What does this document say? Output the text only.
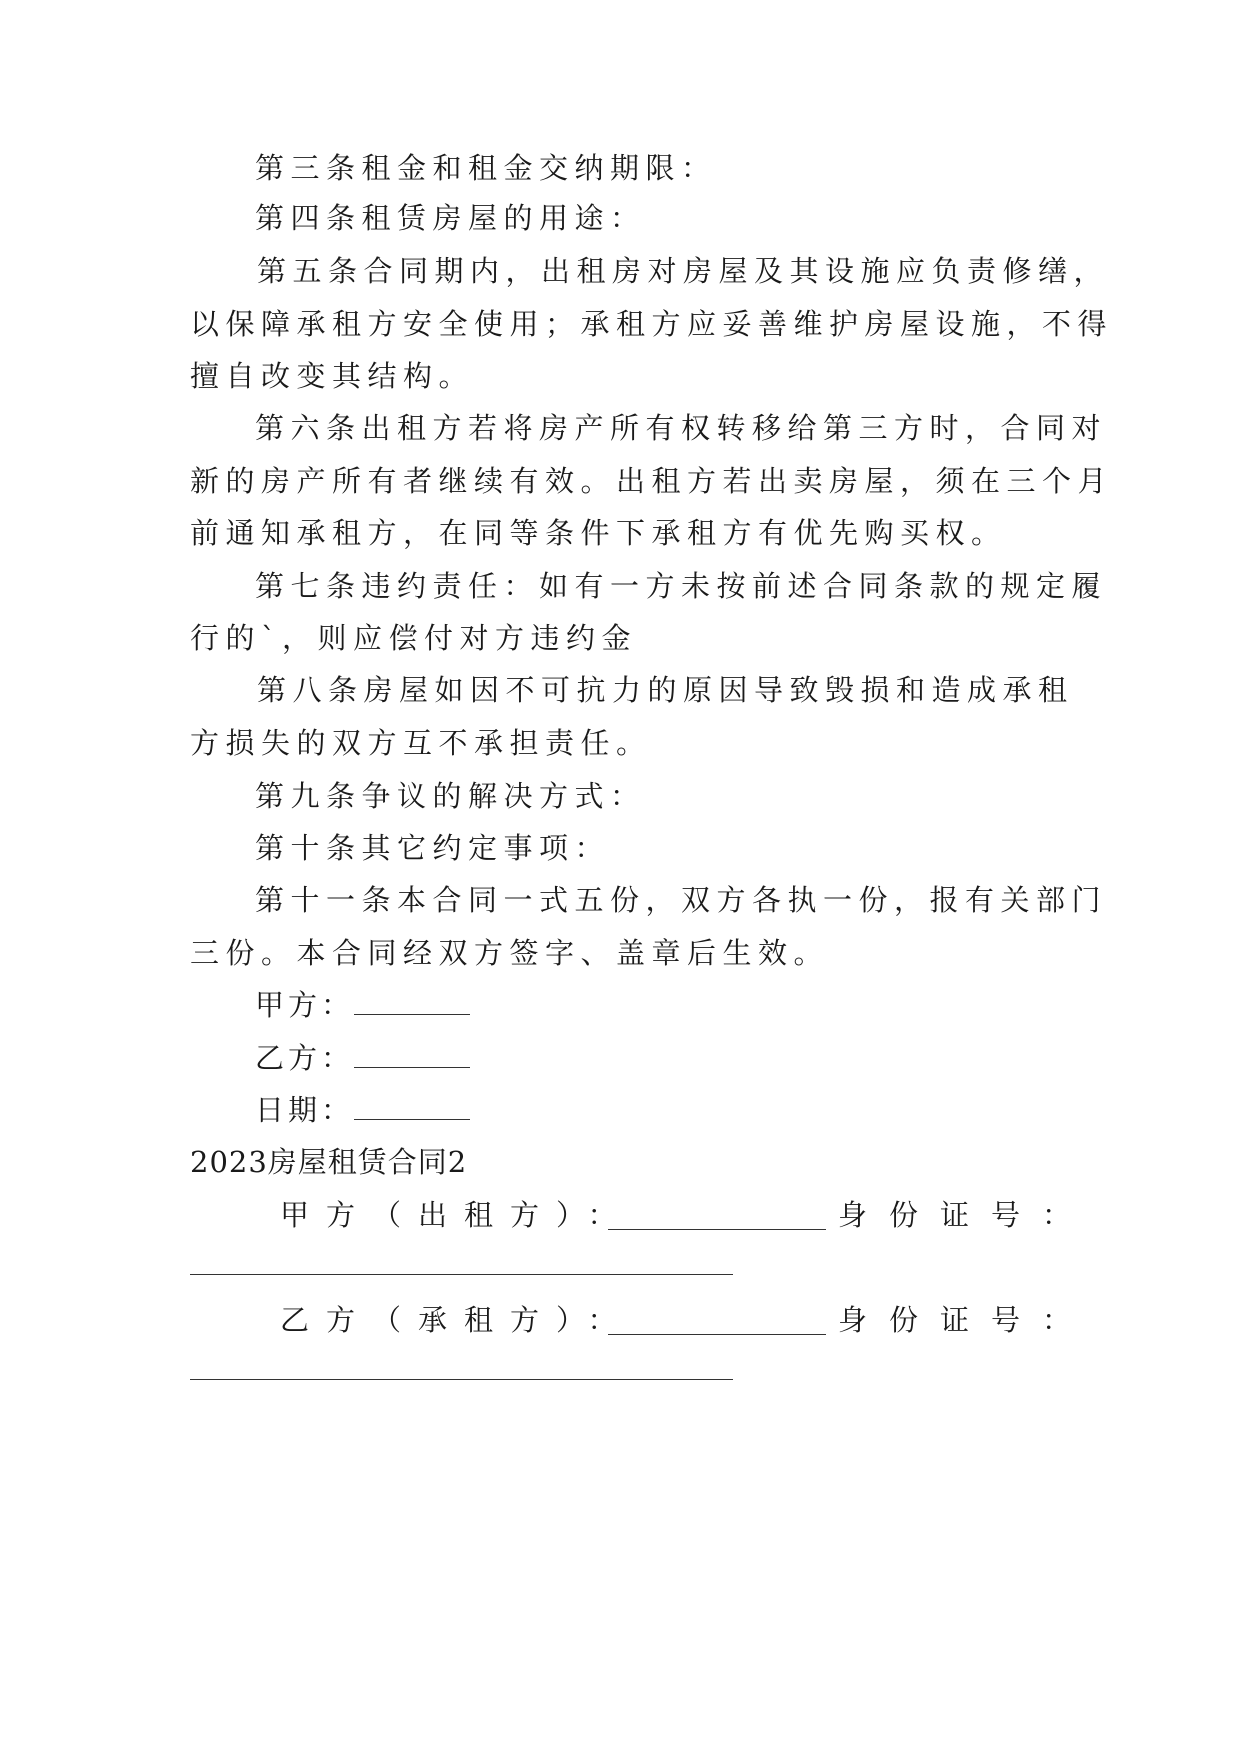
第三条租金和租金交纳期限：
第四条租赁房屋的用途：
第五条合同期内，出租房对房屋及其设施应负责修缮，
以保障承租方安全使用；承租方应妥善维护房屋设施，不得
擅自改变其结构。
第六条出租方若将房产所有权转移给第三方时，合同对
新的房产所有者继续有效。出租方若出卖房屋，须在三个月
前通知承租方，在同等条件下承租方有优先购买权。
第七条违约责任：如有一方未按前述合同条款的规定履
行的`，则应偿付对方违约金
第八条房屋如因不可抗力的原因导致毁损和造成承租
方损失的双方互不承担责任。
第九条争议的解决方式：
第十条其它约定事项：
第十一条本合同一式五份，双方各执一份，报有关部门
三份。本合同经双方签字、盖章后生效。
甲方：
乙方：
日期：
2023房屋租赁合同2
甲方（出租方）：	身份证号：
乙方（承租方）：	身份证号：
